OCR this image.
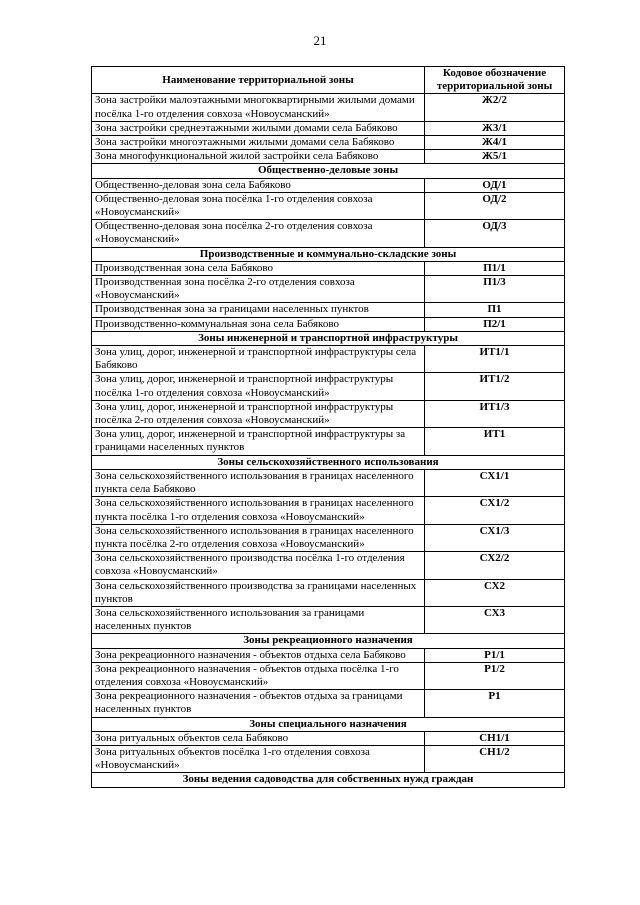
21
Наименование территориальной зоны	Кодовое обозначение территориальной зоны
Зона застройки малоэтажными многоквартирными жилыми домами посёлка 1-го отделения совхоза «Новоусманский»	Ж2/2
Зона застройки среднеэтажными жилыми домами села Бабяково	Ж3/1
Зона застройки многоэтажными жилыми домами села Бабяково	Ж4/1
Зона многофункциональной жилой застройки села Бабяково	Ж5/1
Общественно-деловые зоны	
Общественно-деловая зона села Бабяково	ОД/1
Общественно-деловая зона посёлка 1-го отделения совхоза «Новоусманский»	ОД/2
Общественно-деловая зона посёлка 2-го отделения совхоза «Новоусманский»	ОД/3
Производственные и коммунально-складские зоны	
Производственная зона села Бабяково	П1/1
Производственная зона посёлка 2-го отделения совхоза «Новоусманский»	П1/3
Производственная зона за границами населенных пунктов	П1
Производственно-коммунальная зона села Бабяково	П2/1
Зоны инженерной и транспортной инфраструктуры	
Зона улиц, дорог, инженерной и транспортной инфраструктуры села Бабяково	ИТ1/1
Зона улиц, дорог, инженерной и транспортной инфраструктуры посёлка 1-го отделения совхоза «Новоусманский»	ИТ1/2
Зона улиц, дорог, инженерной и транспортной инфраструктуры посёлка 2-го отделения совхоза «Новоусманский»	ИТ1/3
Зона улиц, дорог, инженерной и транспортной инфраструктуры за границами населенных пунктов	ИТ1
Зоны сельскохозяйственного использования	
Зона сельскохозяйственного использования в границах населенного пункта села Бабяково	СХ1/1
Зона сельскохозяйственного использования в границах населенного пункта посёлка 1-го отделения совхоза «Новоусманский»	СХ1/2
Зона сельскохозяйственного использования в границах населенного пункта посёлка 2-го отделения совхоза «Новоусманский»	СХ1/3
Зона сельскохозяйственного производства посёлка 1-го отделения совхоза «Новоусманский»	СХ2/2
Зона сельскохозяйственного производства за границами населенных пунктов	СХ2
Зона сельскохозяйственного использования за границами населенных пунктов	СХ3
Зоны рекреационного назначения	
Зона рекреационного назначения - объектов отдыха села Бабяково	Р1/1
Зона рекреационного назначения - объектов отдыха посёлка 1-го отделения совхоза «Новоусманский»	Р1/2
Зона рекреационного назначения - объектов отдыха за границами населенных пунктов	Р1
Зоны специального назначения	
Зона ритуальных объектов села Бабяково	СН1/1
Зона ритуальных объектов посёлка 1-го отделения совхоза «Новоусманский»	СН1/2
Зоны ведения садоводства для собственных нужд граждан	
